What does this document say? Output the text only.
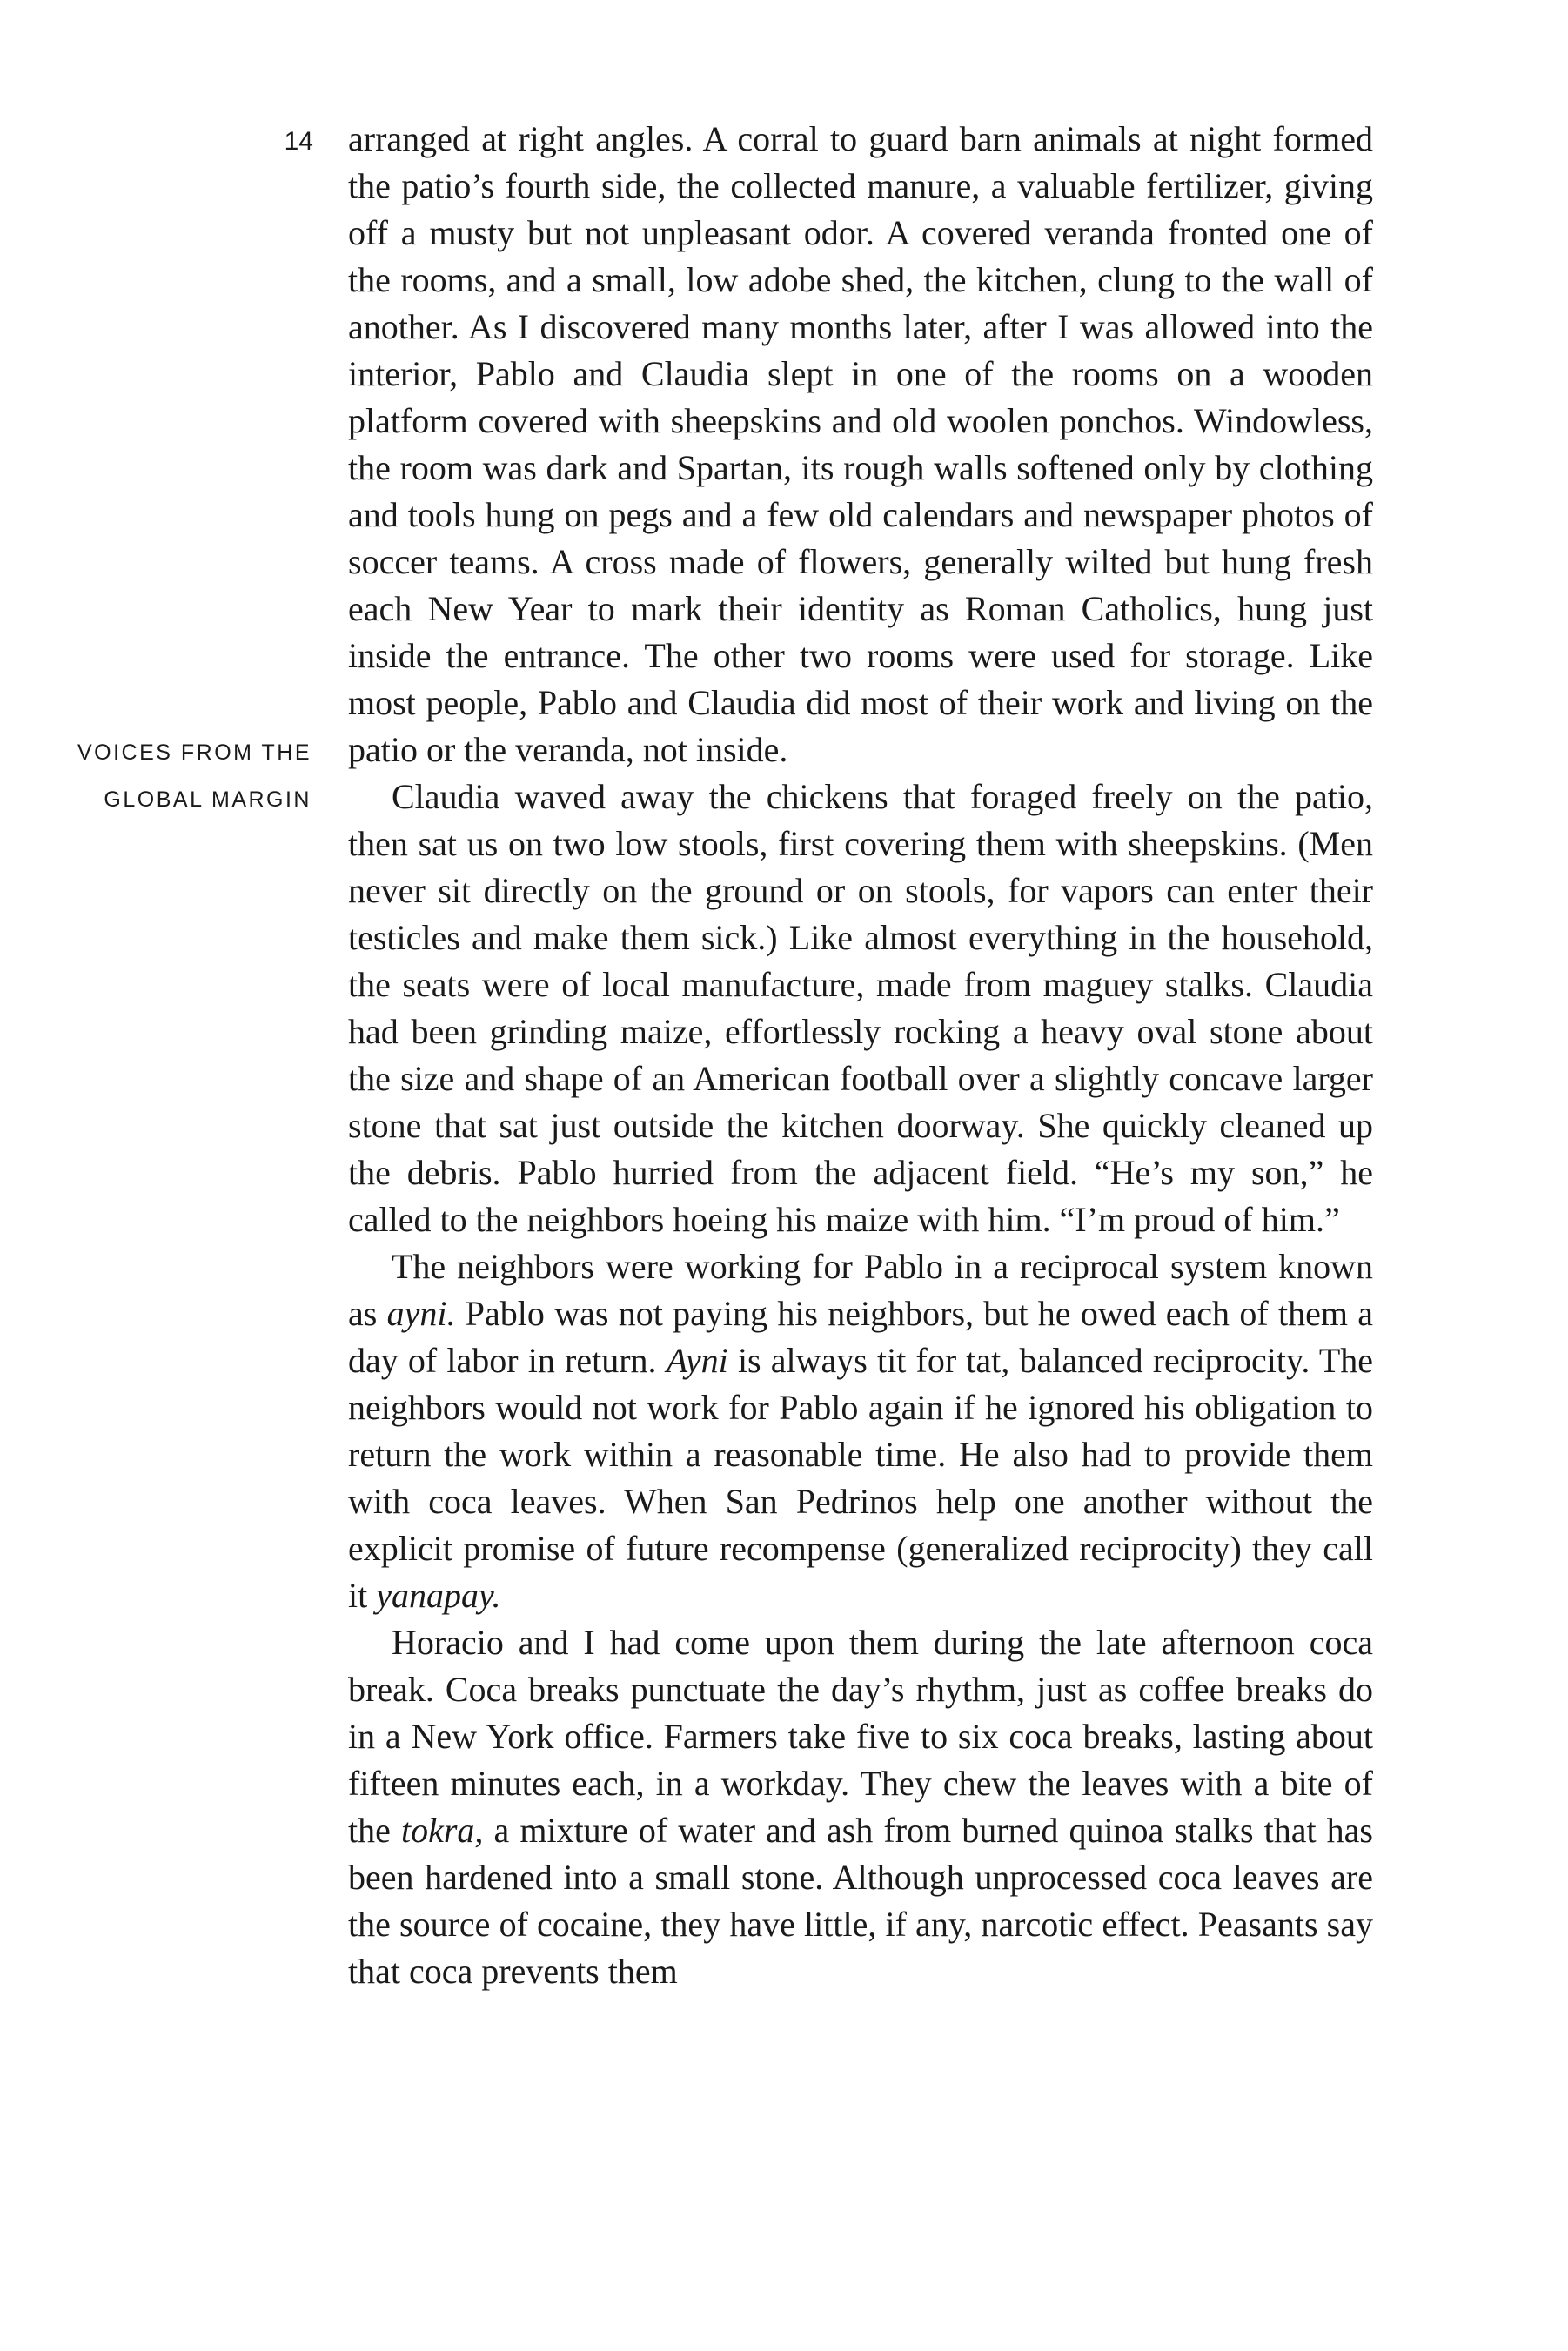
14
VOICES FROM THE
GLOBAL MARGIN

arranged at right angles. A corral to guard barn animals at night formed the patio’s fourth side, the collected manure, a valuable fertilizer, giving off a musty but not unpleasant odor. A covered veranda fronted one of the rooms, and a small, low adobe shed, the kitchen, clung to the wall of another. As I discovered many months later, after I was allowed into the interior, Pablo and Claudia slept in one of the rooms on a wooden platform covered with sheepskins and old woolen ponchos. Windowless, the room was dark and Spartan, its rough walls softened only by clothing and tools hung on pegs and a few old calendars and newspaper photos of soccer teams. A cross made of flowers, generally wilted but hung fresh each New Year to mark their identity as Roman Catholics, hung just inside the entrance. The other two rooms were used for storage. Like most people, Pablo and Claudia did most of their work and living on the patio or the veranda, not inside.

Claudia waved away the chickens that foraged freely on the patio, then sat us on two low stools, first covering them with sheepskins. (Men never sit directly on the ground or on stools, for vapors can enter their testicles and make them sick.) Like almost everything in the household, the seats were of local manufacture, made from maguey stalks. Claudia had been grinding maize, effortlessly rocking a heavy oval stone about the size and shape of an American football over a slightly concave larger stone that sat just outside the kitchen doorway. She quickly cleaned up the debris. Pablo hurried from the adjacent field. “He’s my son,” he called to the neighbors hoeing his maize with him. “I’m proud of him.”

The neighbors were working for Pablo in a reciprocal system known as ayni. Pablo was not paying his neighbors, but he owed each of them a day of labor in return. Ayni is always tit for tat, balanced reciprocity. The neighbors would not work for Pablo again if he ignored his obligation to return the work within a reasonable time. He also had to provide them with coca leaves. When San Pedrinos help one another without the explicit promise of future recompense (generalized reciprocity) they call it yanapay.

Horacio and I had come upon them during the late afternoon coca break. Coca breaks punctuate the day’s rhythm, just as coffee breaks do in a New York office. Farmers take five to six coca breaks, lasting about fifteen minutes each, in a workday. They chew the leaves with a bite of the tokra, a mixture of water and ash from burned quinoa stalks that has been hardened into a small stone. Although unprocessed coca leaves are the source of cocaine, they have little, if any, narcotic effect. Peasants say that coca prevents them
